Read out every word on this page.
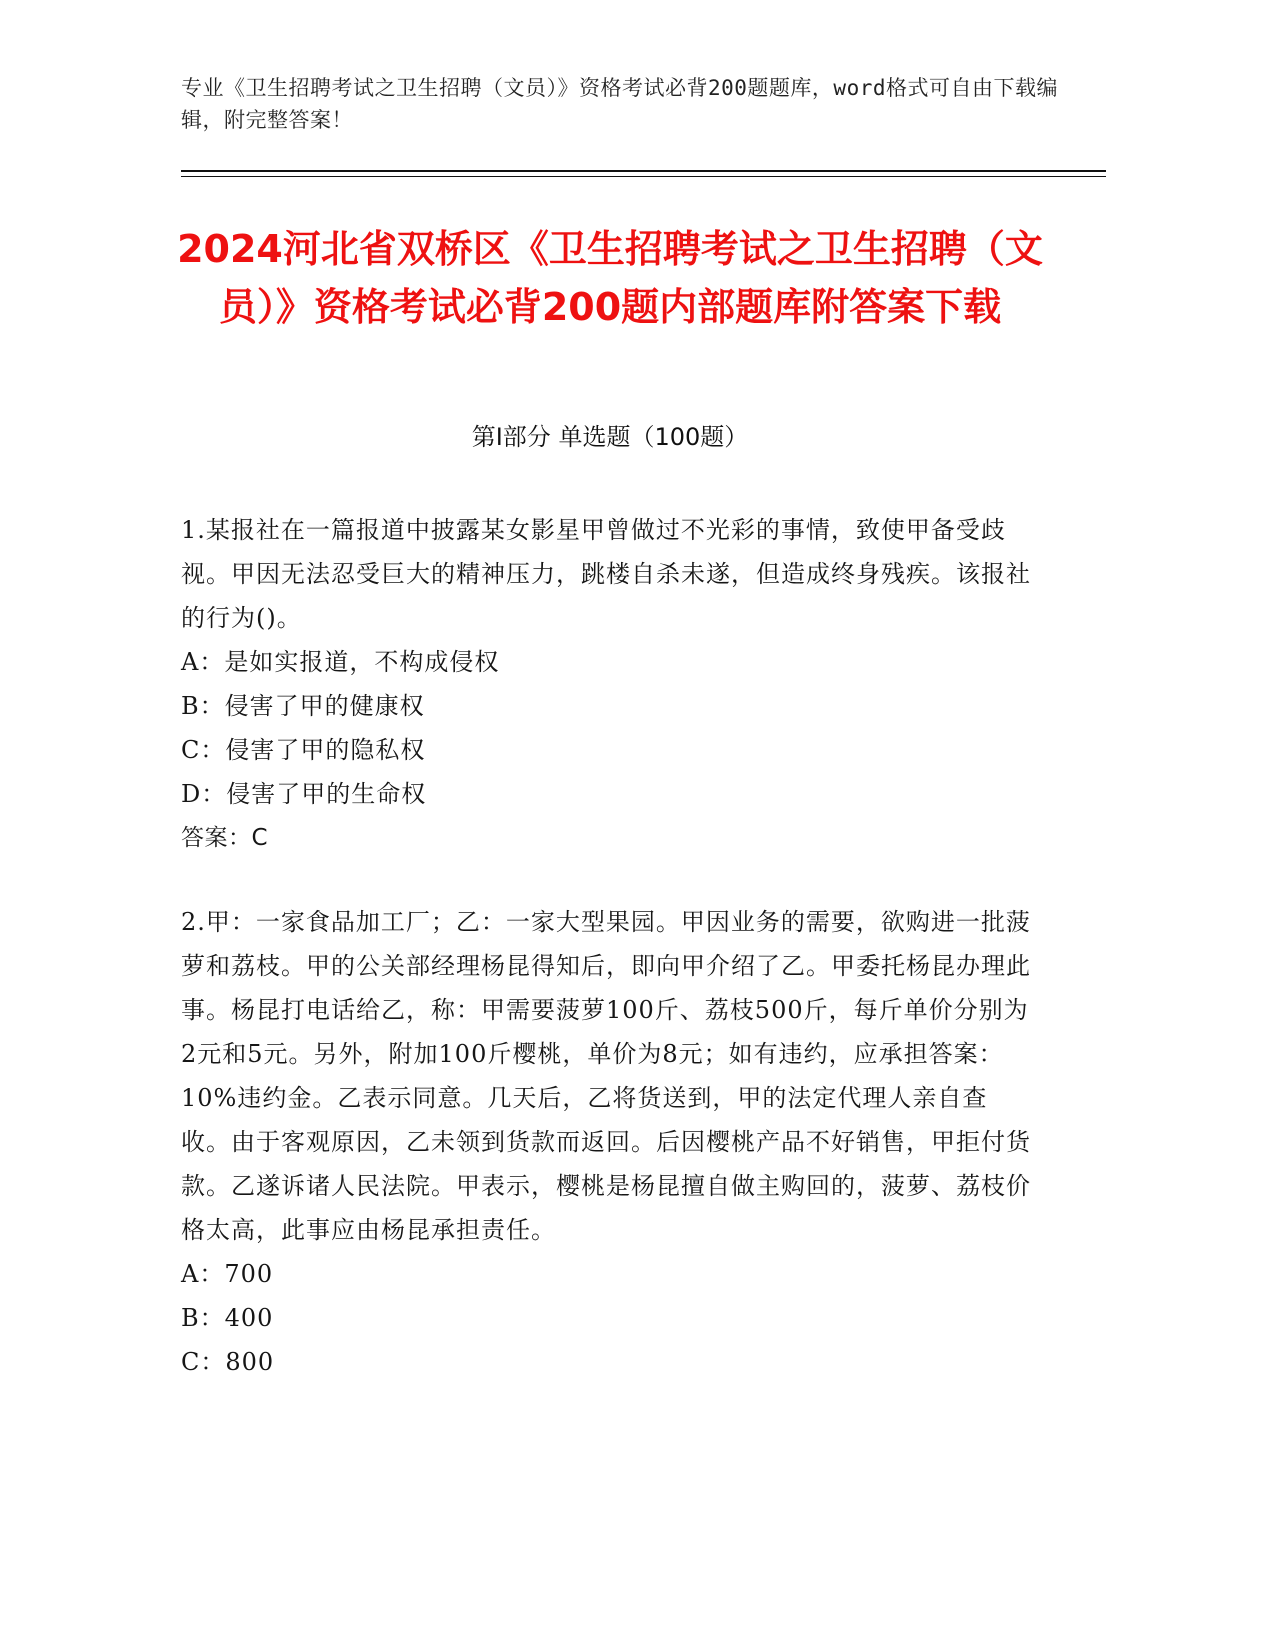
专业《卫生招聘考试之卫生招聘（文员）》资格考试必背200题题库，word格式可自由下载编辑，附完整答案！
2024河北省双桥区《卫生招聘考试之卫生招聘（文员）》资格考试必背200题内部题库附答案下载
第I部分 单选题（100题）

1.某报社在一篇报道中披露某女影星甲曾做过不光彩的事情，致使甲备受歧视。甲因无法忍受巨大的精神压力，跳楼自杀未遂，但造成终身残疾。该报社的行为()。

A：是如实报道，不构成侵权

B：侵害了甲的健康权

C：侵害了甲的隐私权

D：侵害了甲的生命权

答案：C

2.甲：一家食品加工厂；乙：一家大型果园。甲因业务的需要，欲购进一批菠萝和荔枝。甲的公关部经理杨昆得知后，即向甲介绍了乙。甲委托杨昆办理此事。杨昆打电话给乙，称：甲需要菠萝100斤、荔枝500斤，每斤单价分别为2元和5元。另外，附加100斤樱桃，单价为8元；如有违约，应承担答案：10%违约金。乙表示同意。几天后，乙将货送到，甲的法定代理人亲自查收。由于客观原因，乙未领到货款而返回。后因樱桃产品不好销售，甲拒付货款。乙遂诉诸人民法院。甲表示，樱桃是杨昆擅自做主购回的，菠萝、荔枝价格太高，此事应由杨昆承担责任。

A：700

B：400

C：800
